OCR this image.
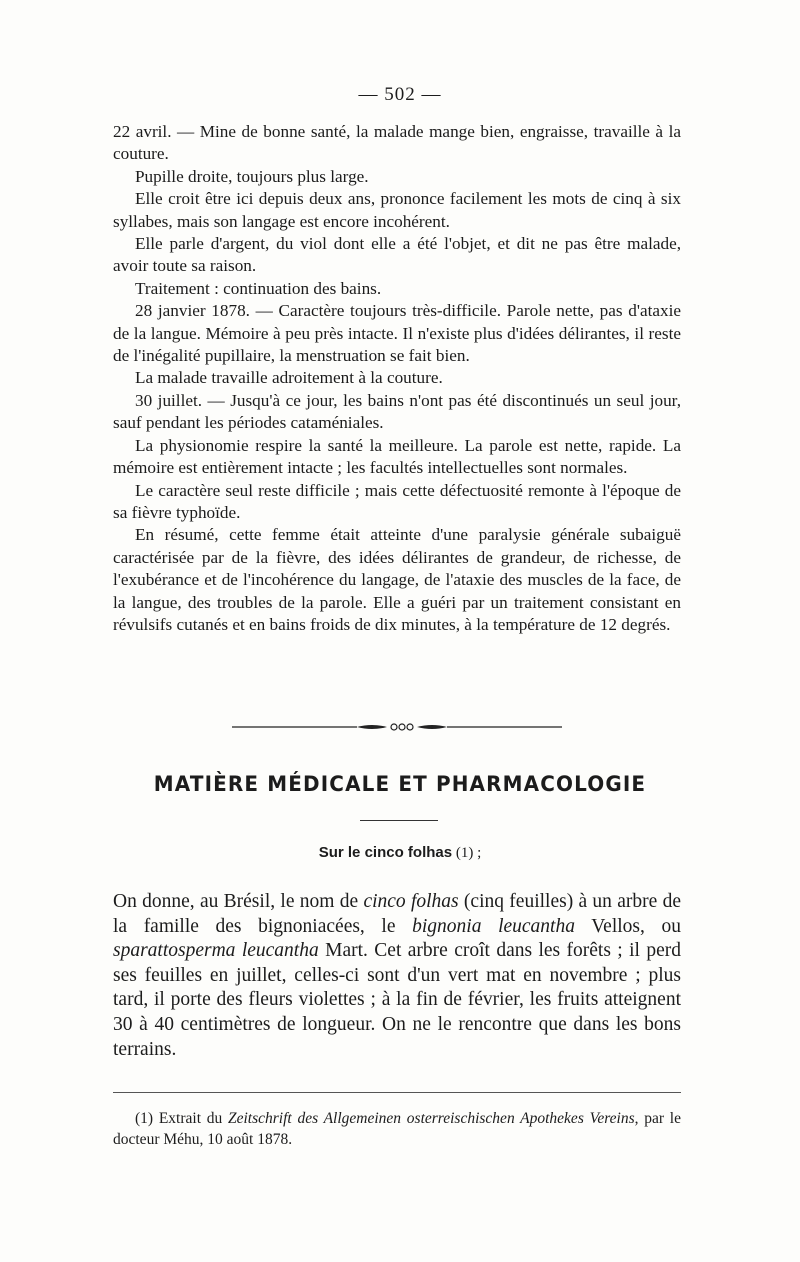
— 502 —

22 avril. — Mine de bonne santé, la malade mange bien, engraisse, travaille à la couture.

Pupille droite, toujours plus large.

Elle croit être ici depuis deux ans, prononce facilement les mots de cinq à six syllabes, mais son langage est encore incohérent.

Elle parle d'argent, du viol dont elle a été l'objet, et dit ne pas être malade, avoir toute sa raison.

Traitement : continuation des bains.

28 janvier 1878. — Caractère toujours très-difficile. Parole nette, pas d'ataxie de la langue. Mémoire à peu près intacte. Il n'existe plus d'idées délirantes, il reste de l'inégalité pupillaire, la menstruation se fait bien.

La malade travaille adroitement à la couture.

30 juillet. — Jusqu'à ce jour, les bains n'ont pas été discontinués un seul jour, sauf pendant les périodes cataméniales.

La physionomie respire la santé la meilleure. La parole est nette, rapide. La mémoire est entièrement intacte ; les facultés intellectuelles sont normales.

Le caractère seul reste difficile ; mais cette défectuosité remonte à l'époque de sa fièvre typhoïde.

En résumé, cette femme était atteinte d'une paralysie générale subaiguë caractérisée par de la fièvre, des idées délirantes de grandeur, de richesse, de l'exubérance et de l'incohérence du langage, de l'ataxie des muscles de la face, de la langue, des troubles de la parole. Elle a guéri par un traitement consistant en révulsifs cutanés et en bains froids de dix minutes, à la température de 12 degrés.

MATIÈRE MÉDICALE ET PHARMACOLOGIE
Sur le cinco folhas (1) ;

On donne, au Brésil, le nom de cinco folhas (cinq feuilles) à un arbre de la famille des bignoniacées, le bignonia leucantha Vellos, ou sparattosperma leucantha Mart. Cet arbre croît dans les forêts ; il perd ses feuilles en juillet, celles-ci sont d'un vert mat en novembre ; plus tard, il porte des fleurs violettes ; à la fin de février, les fruits atteignent 30 à 40 centimètres de longueur. On ne le rencontre que dans les bons terrains.

(1) Extrait du Zeitschrift des Allgemeinen osterreischischen Apothekes Vereins, par le docteur Méhu, 10 août 1878.
